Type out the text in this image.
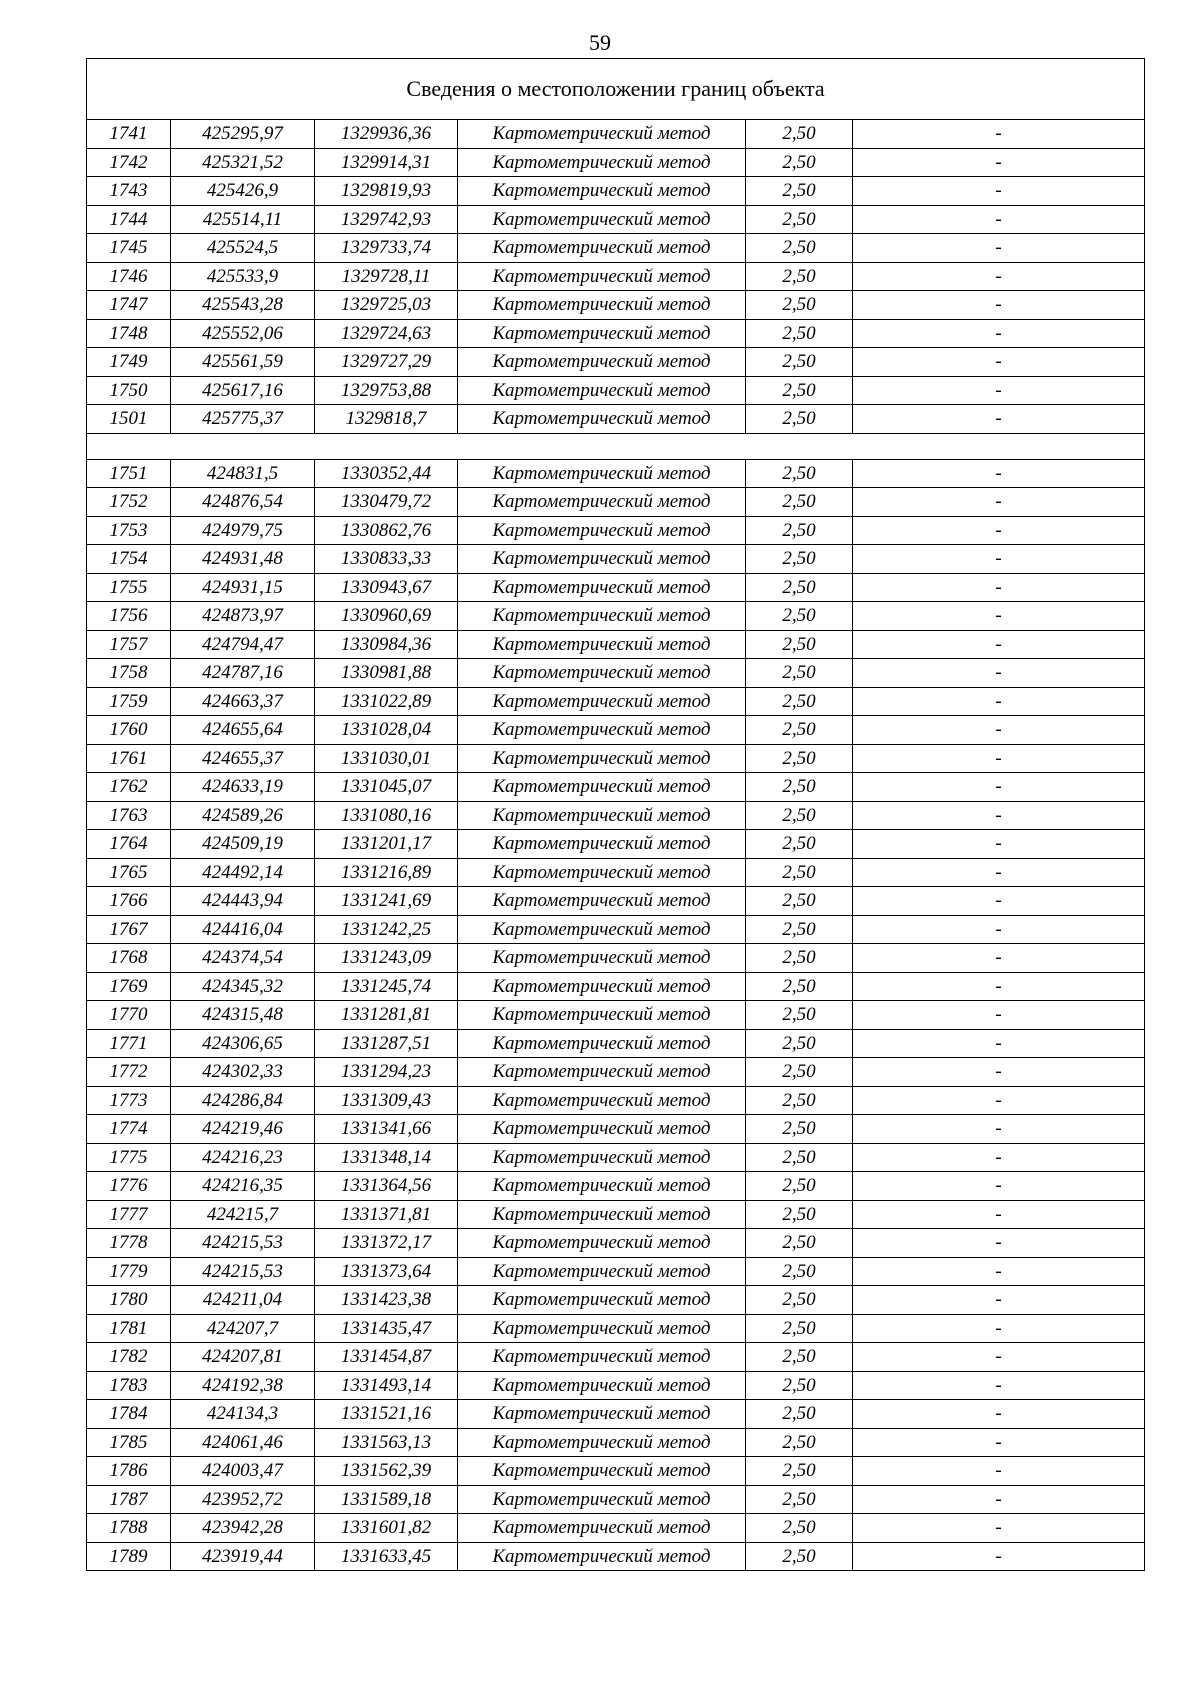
59
Сведения о местоположении границ объекта					
1741	425295,97	1329936,36	Картометрический метод	2,50	-
1742	425321,52	1329914,31	Картометрический метод	2,50	-
1743	425426,9	1329819,93	Картометрический метод	2,50	-
1744	425514,11	1329742,93	Картометрический метод	2,50	-
1745	425524,5	1329733,74	Картометрический метод	2,50	-
1746	425533,9	1329728,11	Картометрический метод	2,50	-
1747	425543,28	1329725,03	Картометрический метод	2,50	-
1748	425552,06	1329724,63	Картометрический метод	2,50	-
1749	425561,59	1329727,29	Картометрический метод	2,50	-
1750	425617,16	1329753,88	Картометрический метод	2,50	-
1501	425775,37	1329818,7	Картометрический метод	2,50	-

1751	424831,5	1330352,44	Картометрический метод	2,50	-
1752	424876,54	1330479,72	Картометрический метод	2,50	-
1753	424979,75	1330862,76	Картометрический метод	2,50	-
1754	424931,48	1330833,33	Картометрический метод	2,50	-
1755	424931,15	1330943,67	Картометрический метод	2,50	-
1756	424873,97	1330960,69	Картометрический метод	2,50	-
1757	424794,47	1330984,36	Картометрический метод	2,50	-
1758	424787,16	1330981,88	Картометрический метод	2,50	-
1759	424663,37	1331022,89	Картометрический метод	2,50	-
1760	424655,64	1331028,04	Картометрический метод	2,50	-
1761	424655,37	1331030,01	Картометрический метод	2,50	-
1762	424633,19	1331045,07	Картометрический метод	2,50	-
1763	424589,26	1331080,16	Картометрический метод	2,50	-
1764	424509,19	1331201,17	Картометрический метод	2,50	-
1765	424492,14	1331216,89	Картометрический метод	2,50	-
1766	424443,94	1331241,69	Картометрический метод	2,50	-
1767	424416,04	1331242,25	Картометрический метод	2,50	-
1768	424374,54	1331243,09	Картометрический метод	2,50	-
1769	424345,32	1331245,74	Картометрический метод	2,50	-
1770	424315,48	1331281,81	Картометрический метод	2,50	-
1771	424306,65	1331287,51	Картометрический метод	2,50	-
1772	424302,33	1331294,23	Картометрический метод	2,50	-
1773	424286,84	1331309,43	Картометрический метод	2,50	-
1774	424219,46	1331341,66	Картометрический метод	2,50	-
1775	424216,23	1331348,14	Картометрический метод	2,50	-
1776	424216,35	1331364,56	Картометрический метод	2,50	-
1777	424215,7	1331371,81	Картометрический метод	2,50	-
1778	424215,53	1331372,17	Картометрический метод	2,50	-
1779	424215,53	1331373,64	Картометрический метод	2,50	-
1780	424211,04	1331423,38	Картометрический метод	2,50	-
1781	424207,7	1331435,47	Картометрический метод	2,50	-
1782	424207,81	1331454,87	Картометрический метод	2,50	-
1783	424192,38	1331493,14	Картометрический метод	2,50	-
1784	424134,3	1331521,16	Картометрический метод	2,50	-
1785	424061,46	1331563,13	Картометрический метод	2,50	-
1786	424003,47	1331562,39	Картометрический метод	2,50	-
1787	423952,72	1331589,18	Картометрический метод	2,50	-
1788	423942,28	1331601,82	Картометрический метод	2,50	-
1789	423919,44	1331633,45	Картометрический метод	2,50	-
